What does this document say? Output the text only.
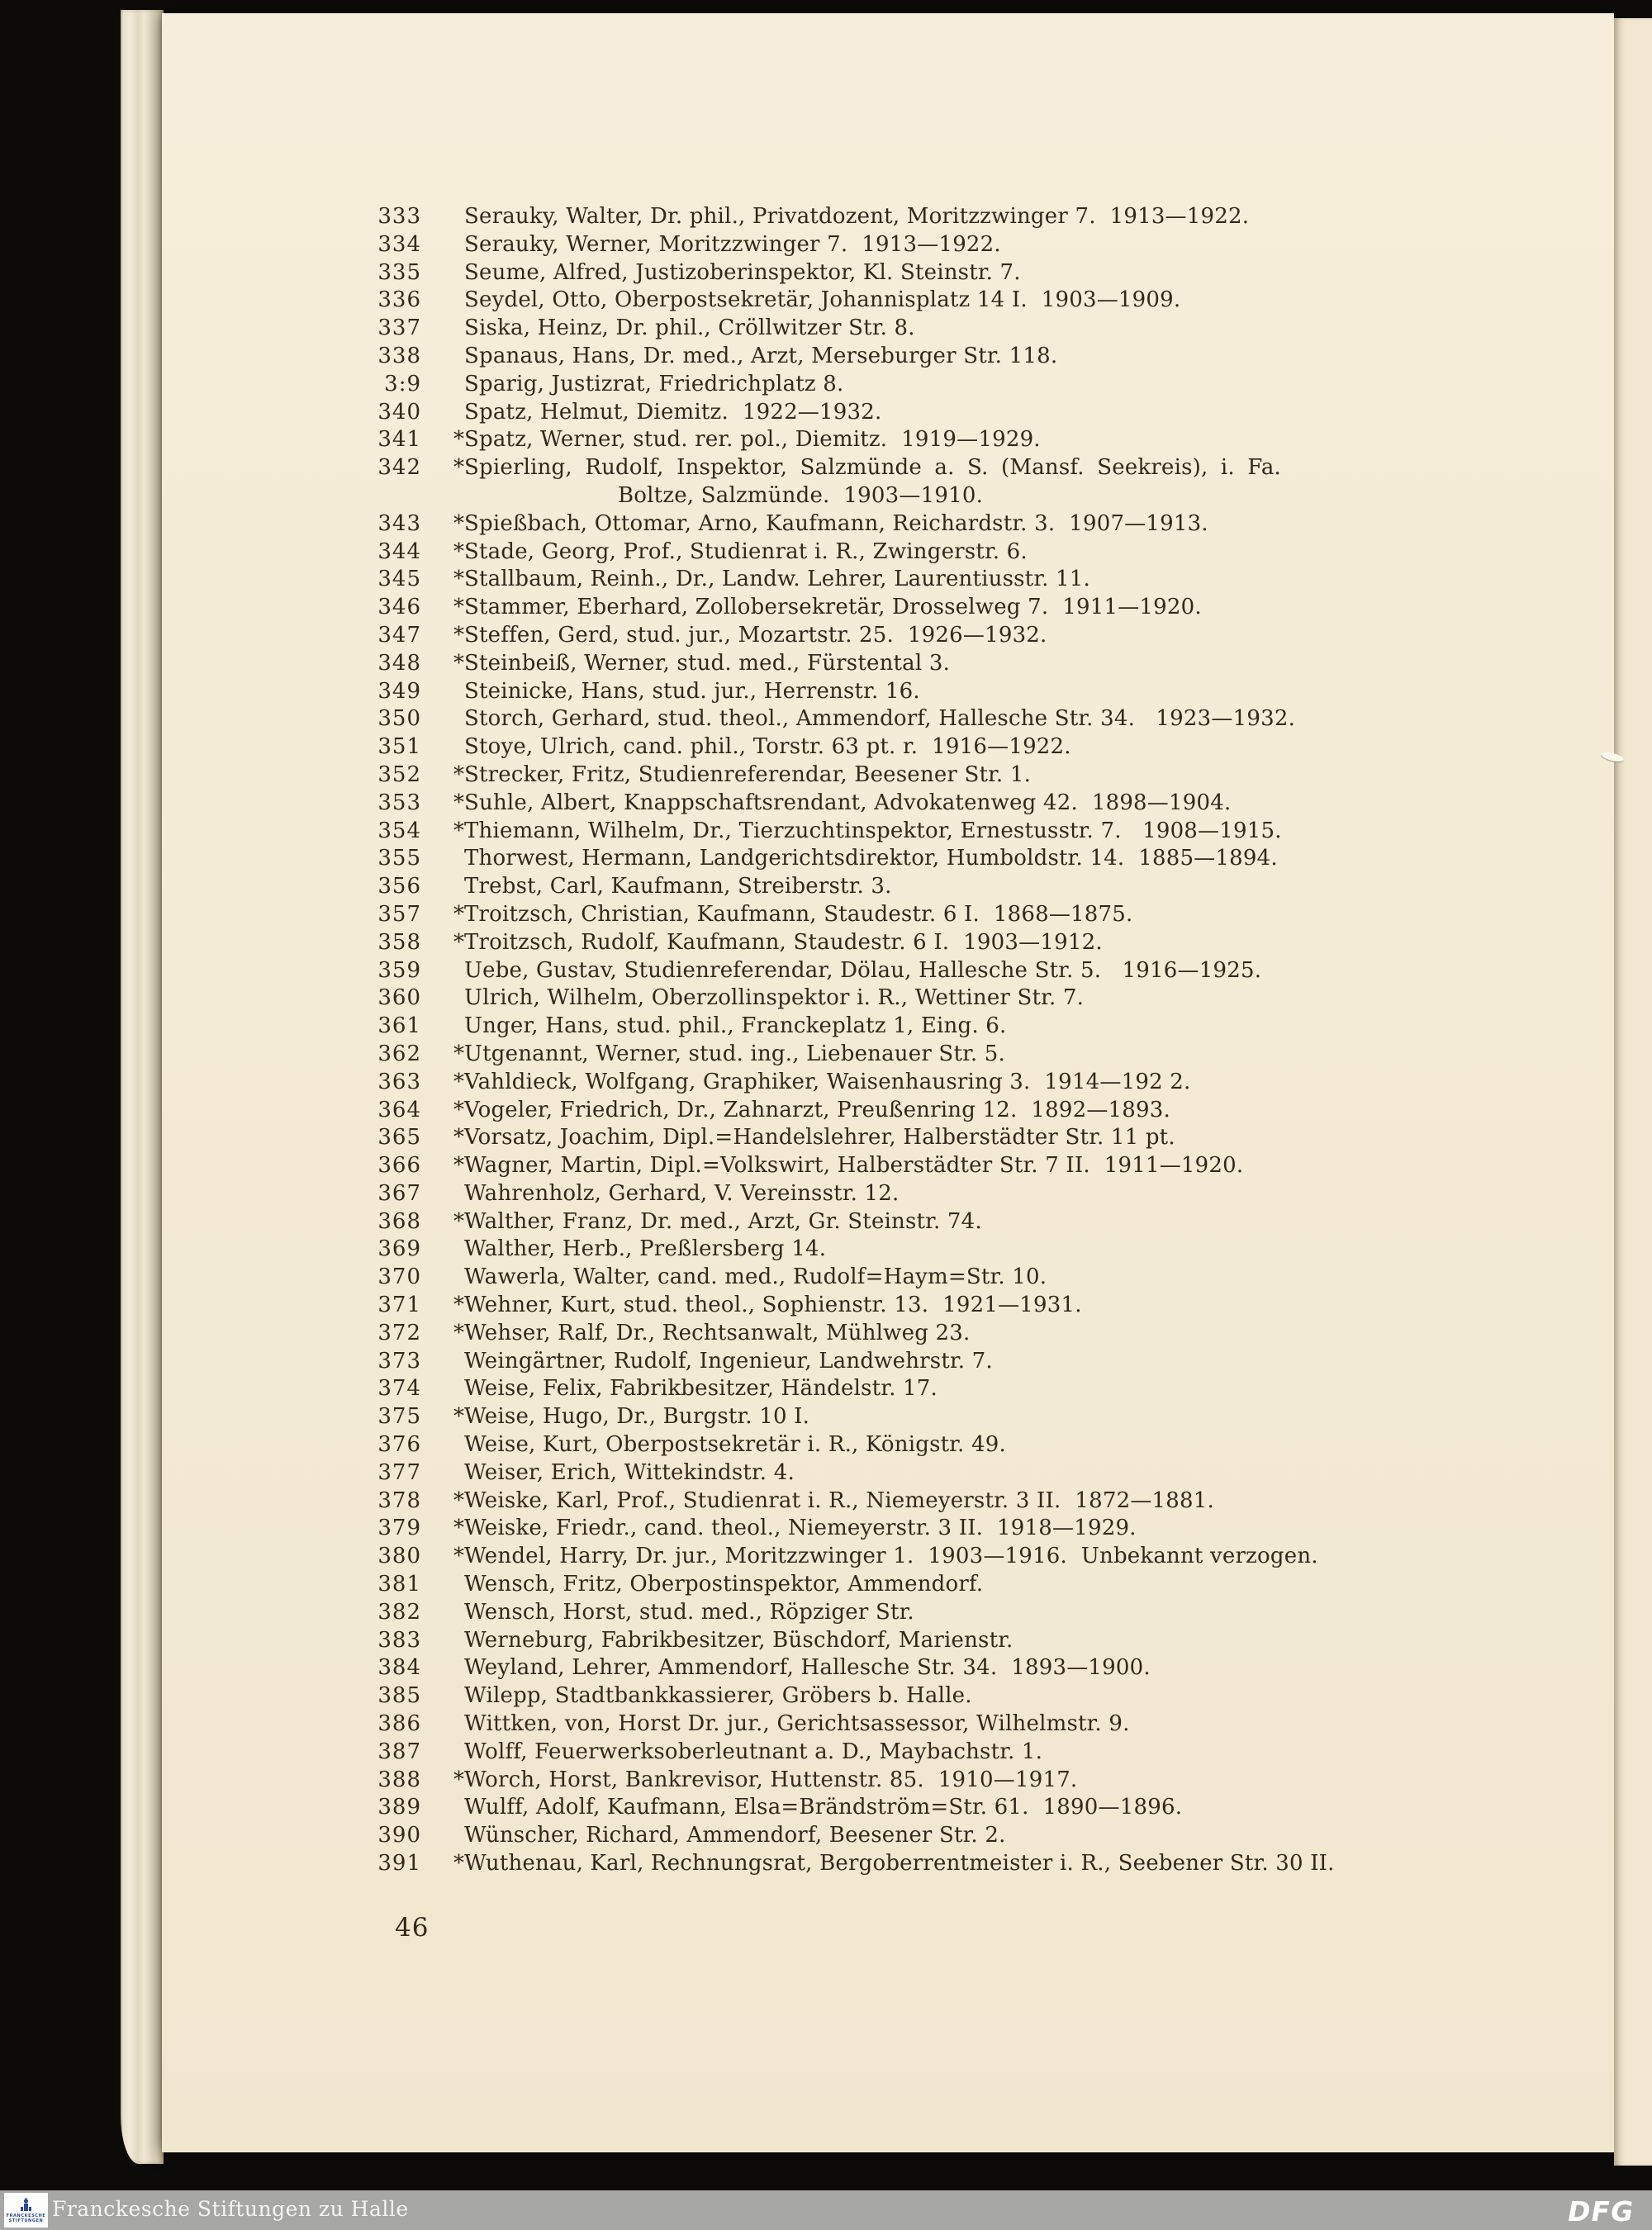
333 Serauky, Walter, Dr. phil., Privatdozent, Moritzzwinger 7.  1913—1922.
334 Serauky, Werner, Moritzzwinger 7.  1913—1922.
335 Seume, Alfred, Justizoberinspektor, Kl. Steinstr. 7.
336 Seydel, Otto, Oberpostsekretär, Johannisplatz 14 I.  1903—1909.
337 Siska, Heinz, Dr. phil., Cröllwitzer Str. 8.
338 Spanaus, Hans, Dr. med., Arzt, Merseburger Str. 118.
3:9 Sparig, Justizrat, Friedrichplatz 8.
340 Spatz, Helmut, Diemitz.  1922—1932.
341	* Spatz, Werner, stud. rer. pol., Diemitz.  1919—1929.
342	* Spierling, Rudolf, Inspektor, Salzmünde a. S. (Mansf. Seekreis), i. Fa.
Boltze, Salzmünde.  1903—1910.
343	* Spießbach, Ottomar, Arno, Kaufmann, Reichardstr. 3.  1907—1913.
344	* Stade, Georg, Prof., Studienrat i. R., Zwingerstr. 6.
345	* Stallbaum, Reinh., Dr., Landw. Lehrer, Laurentiusstr. 11.
346	* Stammer, Eberhard, Zollobersekretär, Drosselweg 7.  1911—1920.
347	* Steffen, Gerd, stud. jur., Mozartstr. 25.  1926—1932.
348	* Steinbeiß, Werner, stud. med., Fürstental 3.
349 Steinicke, Hans, stud. jur., Herrenstr. 16.
350 Storch, Gerhard, stud. theol., Ammendorf, Hallesche Str. 34.   1923—1932.
351 Stoye, Ulrich, cand. phil., Torstr. 63 pt. r.  1916—1922.
352	* Strecker, Fritz, Studienreferendar, Beesener Str. 1.
353	* Suhle, Albert, Knappschaftsrendant, Advokatenweg 42.  1898—1904.
354	* Thiemann, Wilhelm, Dr., Tierzuchtinspektor, Ernestusstr. 7.   1908—1915.
355 Thorwest, Hermann, Landgerichtsdirektor, Humboldstr. 14.  1885—1894.
356 Trebst, Carl, Kaufmann, Streiberstr. 3.
357	* Troitzsch, Christian, Kaufmann, Staudestr. 6 I.  1868—1875.
358	* Troitzsch, Rudolf, Kaufmann, Staudestr. 6 I.  1903—1912.
359 Uebe, Gustav, Studienreferendar, Dölau, Hallesche Str. 5.   1916—1925.
360 Ulrich, Wilhelm, Oberzollinspektor i. R., Wettiner Str. 7.
361 Unger, Hans, stud. phil., Franckeplatz 1, Eing. 6.
362	* Utgenannt, Werner, stud. ing., Liebenauer Str. 5.
363	* Vahldieck, Wolfgang, Graphiker, Waisenhausring 3.  1914—192 2.
364	* Vogeler, Friedrich, Dr., Zahnarzt, Preußenring 12.  1892—1893.
365	* Vorsatz, Joachim, Dipl.=Handelslehrer, Halberstädter Str. 11 pt.
366	* Wagner, Martin, Dipl.=Volkswirt, Halberstädter Str. 7 II.  1911—1920.
367 Wahrenholz, Gerhard, V. Vereinsstr. 12.
368	* Walther, Franz, Dr. med., Arzt, Gr. Steinstr. 74.
369 Walther, Herb., Preßlersberg 14.
370 Wawerla, Walter, cand. med., Rudolf=Haym=Str. 10.
371	* Wehner, Kurt, stud. theol., Sophienstr. 13.  1921—1931.
372	* Wehser, Ralf, Dr., Rechtsanwalt, Mühlweg 23.
373 Weingärtner, Rudolf, Ingenieur, Landwehrstr. 7.
374 Weise, Felix, Fabrikbesitzer, Händelstr. 17.
375	* Weise, Hugo, Dr., Burgstr. 10 I.
376 Weise, Kurt, Oberpostsekretär i. R., Königstr. 49.
377 Weiser, Erich, Wittekindstr. 4.
378	* Weiske, Karl, Prof., Studienrat i. R., Niemeyerstr. 3 II.  1872—1881.
379	* Weiske, Friedr., cand. theol., Niemeyerstr. 3 II.  1918—1929.
380	* Wendel, Harry, Dr. jur., Moritzzwinger 1.  1903—1916.  Unbekannt verzogen.
381 Wensch, Fritz, Oberpostinspektor, Ammendorf.
382 Wensch, Horst, stud. med., Röpziger Str.
383 Werneburg, Fabrikbesitzer, Büschdorf, Marienstr.
384 Weyland, Lehrer, Ammendorf, Hallesche Str. 34.  1893—1900.
385 Wilepp, Stadtbankkassierer, Gröbers b. Halle.
386 Wittken, von, Horst Dr. jur., Gerichtsassessor, Wilhelmstr. 9.
387 Wolff, Feuerwerksoberleutnant a. D., Maybachstr. 1.
388	* Worch, Horst, Bankrevisor, Huttenstr. 85.  1910—1917.
389 Wulff, Adolf, Kaufmann, Elsa=Brändström=Str. 61.  1890—1896.
390 Wünscher, Richard, Ammendorf, Beesener Str. 2.
391	* Wuthenau, Karl, Rechnungsrat, Bergoberrentmeister i. R., Seebener Str. 30 II.
46
FRANCKESCHE
STIFTUNGEN Franckesche Stiftungen zu Halle	DFG
